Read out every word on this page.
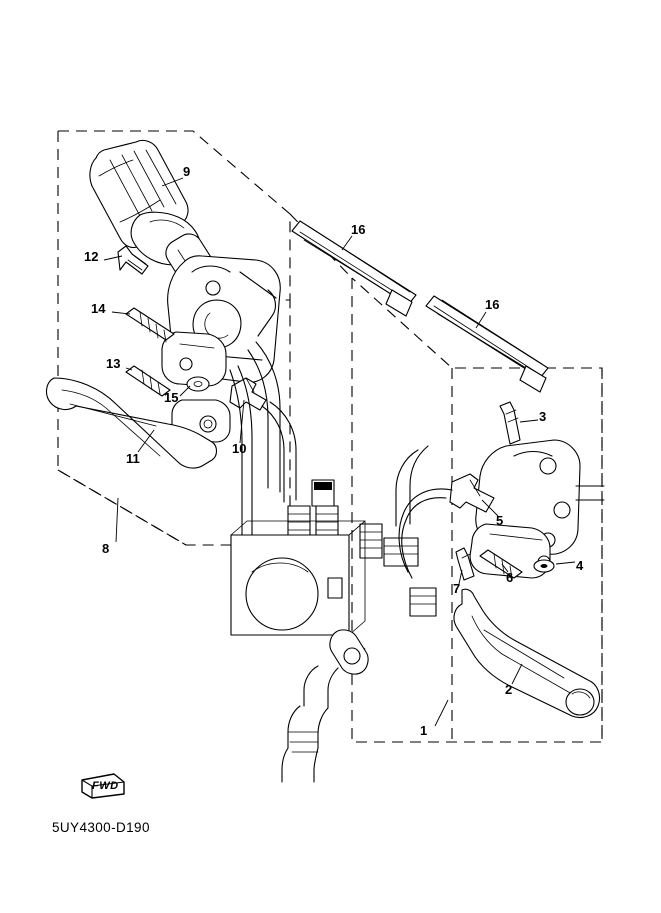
9
12
14
13
15
11
10
8
16
16
3
4
5
6
7
2
1
FWD
5UY4300-D190
